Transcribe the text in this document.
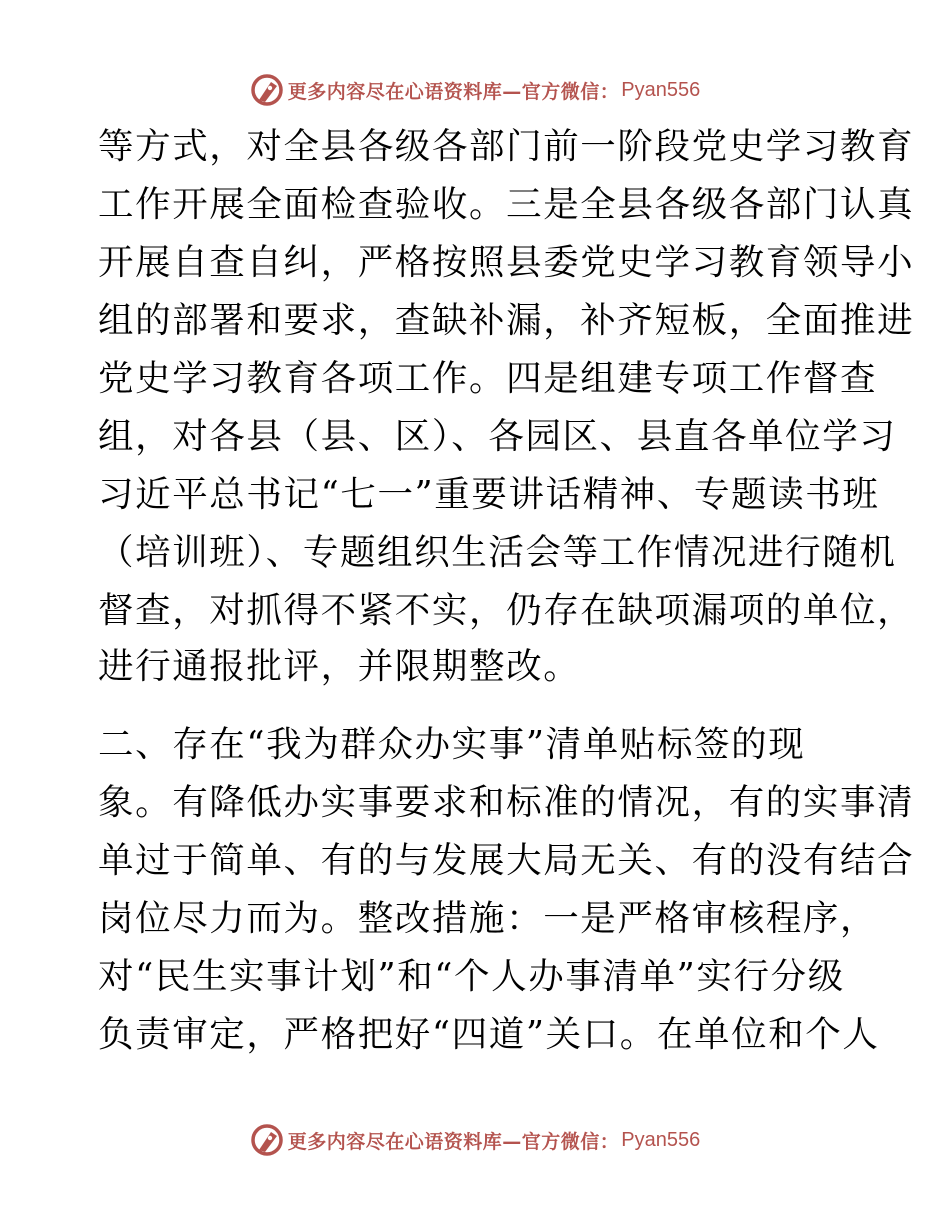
更多内容尽在心语资料库—官方微信： Pyan556
等方式，对全县各级各部门前一阶段党史学习教育
工作开展全面检查验收。三是全县各级各部门认真
开展自查自纠，严格按照县委党史学习教育领导小
组的部署和要求，查缺补漏，补齐短板，全面推进
党史学习教育各项工作。四是组建专项工作督查
组，对各县（县、区）、各园区、县直各单位学习
习近平总书记“七一”重要讲话精神、专题读书班
（培训班）、专题组织生活会等工作情况进行随机
督查，对抓得不紧不实，仍存在缺项漏项的单位，
进行通报批评，并限期整改。
二、存在“我为群众办实事”清单贴标签的现
象。有降低办实事要求和标准的情况，有的实事清
单过于简单、有的与发展大局无关、有的没有结合
岗位尽力而为。整改措施：一是严格审核程序，
对“民生实事计划”和“个人办事清单”实行分级
负责审定，严格把好“四道”关口。在单位和个人
更多内容尽在心语资料库—官方微信： Pyan556
